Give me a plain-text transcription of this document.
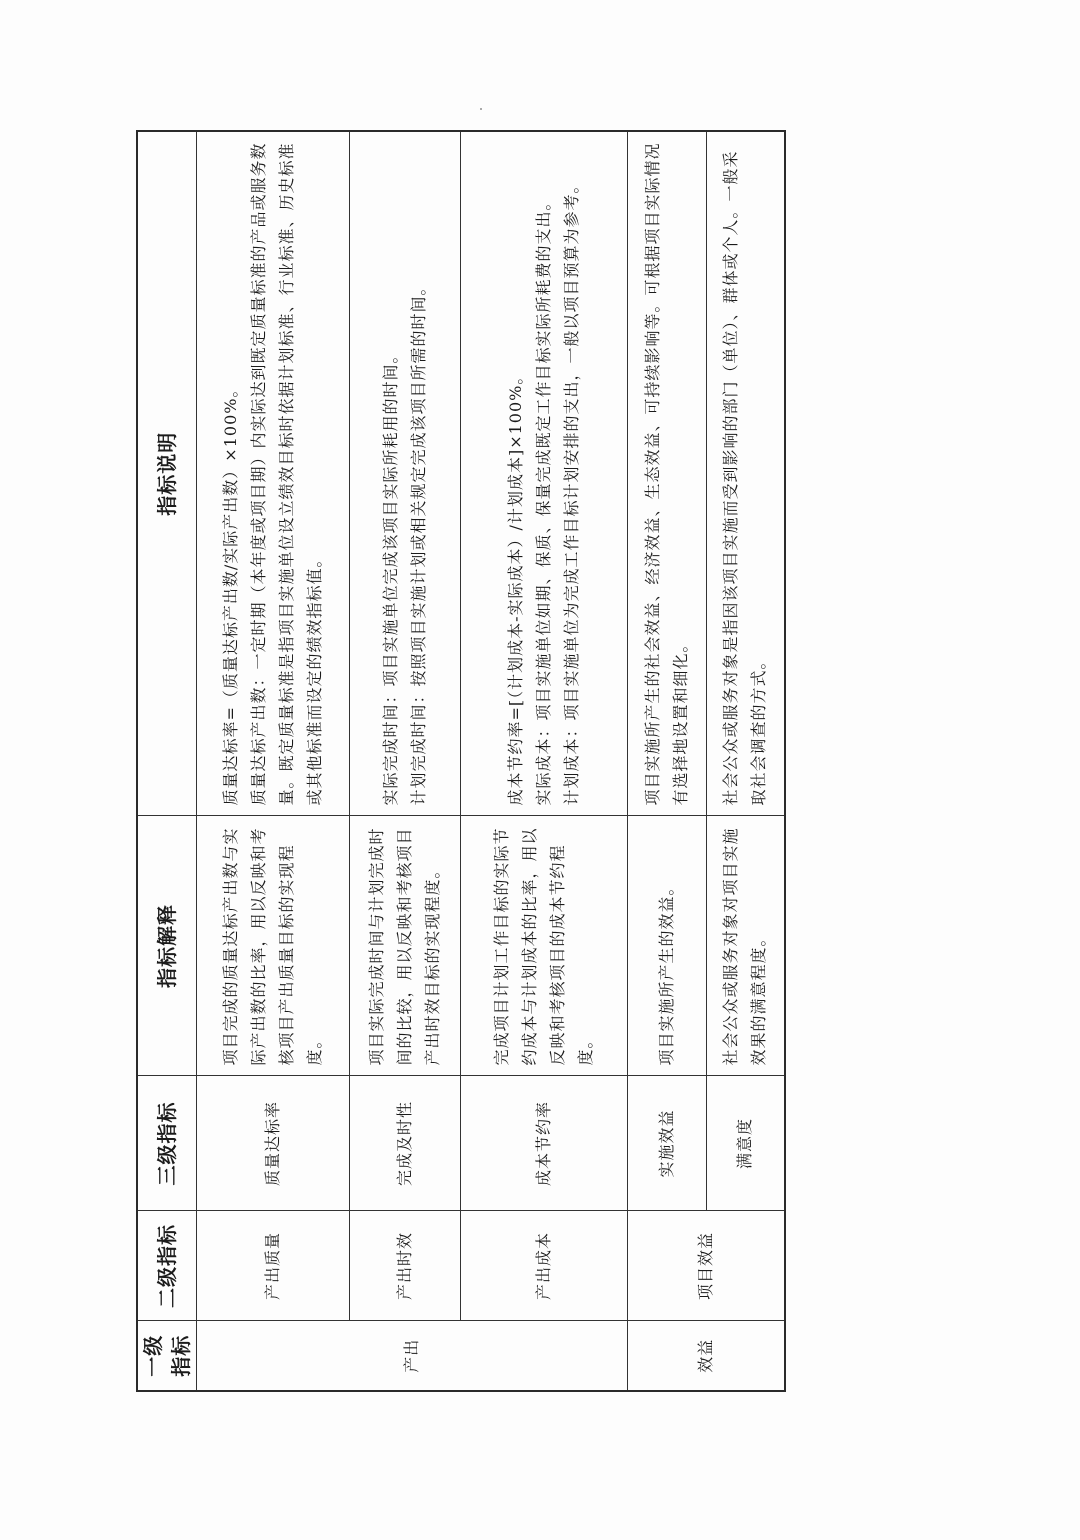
一级指标	二级指标	三级指标	指标解释	指标说明
产出	产出质量	质量达标率	项目完成的质量达标产出数与实际产出数的比率，用以反映和考核项目产出质量目标的实现程度。	质量达标率=（质量达标产出数/实际产出数）×100%。 质量达标产出数：一定时期（本年度或项目期）内实际达到既定质量标准的产品或服务数量。既定质量标准是指项目实施单位设立绩效目标时依据计划标准、行业标准、历史标准或其他标准而设定的绩效指标值。

	产出时效	完成及时性	项目实际完成时间与计划完成时间的比较，用以反映和考核项目产出时效目标的实现程度。	实际完成时间：项目实施单位完成该项目实际所耗用的时间。 计划完成时间：按照项目实施计划或相关规定完成该项目所需的时间。

	产出成本	成本节约率	完成项目计划工作目标的实际节约成本与计划成本的比率，用以反映和考核项目的成本节约程度。	成本节约率=[（计划成本-实际成本）/计划成本]×100%。 实际成本：项目实施单位如期、保质、保量完成既定工作目标实际所耗费的支出。 计划成本：项目实施单位为完成工作目标计划安排的支出，一般以项目预算为参考。

效益	项目效益	实施效益	项目实施所产生的效益。	项目实施所产生的社会效益、经济效益、生态效益、可持续影响等。可根据项目实际情况有选择地设置和细化。

		满意度	社会公众或服务对象对项目实施效果的满意程度。	社会公众或服务对象是指因该项目实施而受到影响的部门（单位）、群体或个人。一般采取社会调查的方式。
